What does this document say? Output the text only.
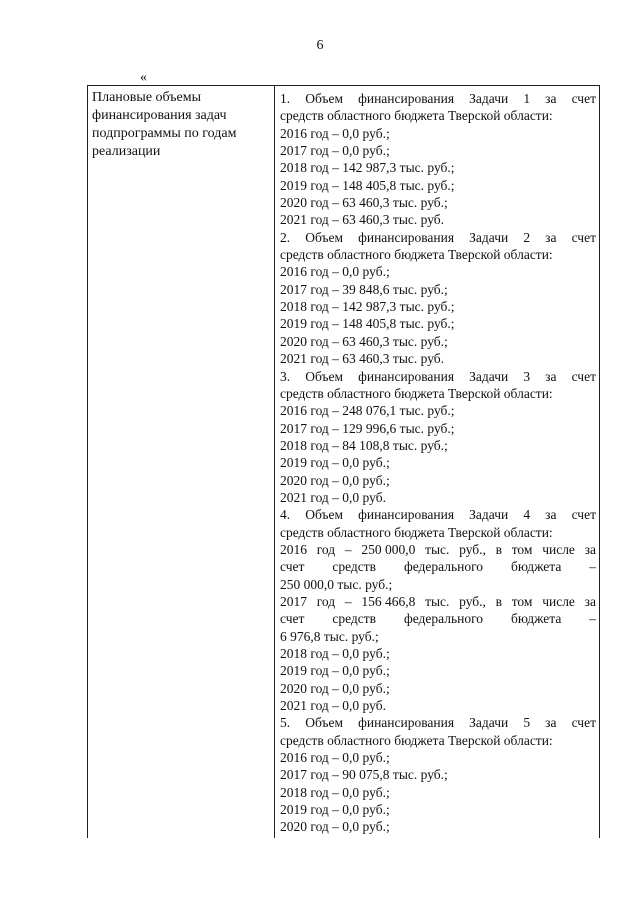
6
«
Плановые объемы
финансирования задач
подпрограммы по годам
реализации
1. Объем финансирования Задачи 1 за счет
средств областного бюджета Тверской области:
2016 год – 0,0 руб.;
2017 год – 0,0 руб.;
2018 год – 142 987,3 тыс. руб.;
2019 год – 148 405,8 тыс. руб.;
2020 год – 63 460,3 тыс. руб.;
2021 год – 63 460,3 тыс. руб.
2. Объем финансирования Задачи 2 за счет
средств областного бюджета Тверской области:
2016 год – 0,0 руб.;
2017 год – 39 848,6 тыс. руб.;
2018 год – 142 987,3 тыс. руб.;
2019 год – 148 405,8 тыс. руб.;
2020 год – 63 460,3 тыс. руб.;
2021 год – 63 460,3 тыс. руб.
3. Объем финансирования Задачи 3 за счет
средств областного бюджета Тверской области:
2016 год – 248 076,1 тыс. руб.;
2017 год – 129 996,6 тыс. руб.;
2018 год – 84 108,8 тыс. руб.;
2019 год – 0,0 руб.;
2020 год – 0,0 руб.;
2021 год – 0,0 руб.
4. Объем финансирования Задачи 4 за счет
средств областного бюджета Тверской области:
2016 год – 250 000,0 тыс. руб., в том числе за
счет средств федерального бюджета –
250 000,0 тыс. руб.;
2017 год – 156 466,8 тыс. руб., в том числе за
счет средств федерального бюджета –
6 976,8 тыс. руб.;
2018 год – 0,0 руб.;
2019 год – 0,0 руб.;
2020 год – 0,0 руб.;
2021 год – 0,0 руб.
5. Объем финансирования Задачи 5 за счет
средств областного бюджета Тверской области:
2016 год – 0,0 руб.;
2017 год – 90 075,8 тыс. руб.;
2018 год – 0,0 руб.;
2019 год – 0,0 руб.;
2020 год – 0,0 руб.;
